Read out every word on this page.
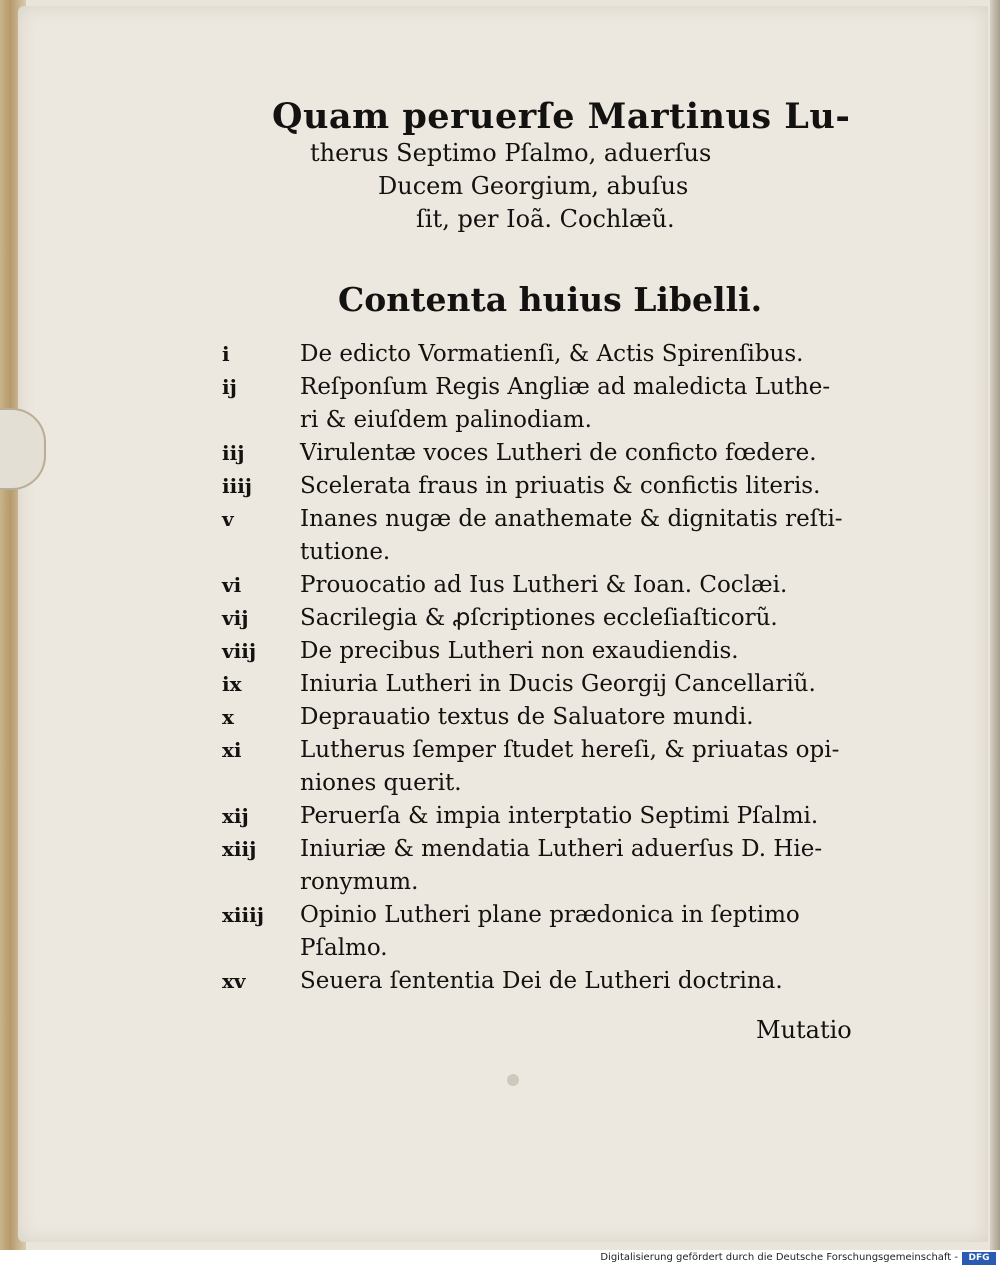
Quam peruerſe Martinus Lu-
therus Septimo Pſalmo, aduerſus
Ducem Georgium, abuſus
ſit, per Ioã. Cochlæũ.
Contenta huius Libelli.
i	De edicto Vormatienſi, & Actis Spirenſibus.
ij	Reſponſum Regis Angliæ ad maledicta Luthe-
ri & eiuſdem palinodiam.
iij	Virulentæ voces Lutheri de conficto fœdere.
iiij	Scelerata fraus in priuatis & confictis literis.
v	Inanes nugæ de anathemate & dignitatis reſti-
tutione.
vi	Prouocatio ad Ius Lutheri & Ioan. Coclæi.
vij	Sacrilegia & ꝓſcriptiones eccleſiaſticorũ.
viij	De precibus Lutheri non exaudiendis.
ix	Iniuria Lutheri in Ducis Georgij Cancellariũ.
x	Deprauatio textus de Saluatore mundi.
xi	Lutherus ſemper ſtudet hereſi, & priuatas opi-
niones querit.
xij	Peruerſa & impia interptatio Septimi Pſalmi.
xiij	Iniuriæ & mendatia Lutheri aduerſus D. Hie-
ronymum.
xiiij	Opinio Lutheri plane prædonica in ſeptimo
Pſalmo.
xv	Seuera ſententia Dei de Lutheri doctrina.
Mutatio
Digitalisierung gefördert durch die Deutsche Forschungsgemeinschaft -	DFG
